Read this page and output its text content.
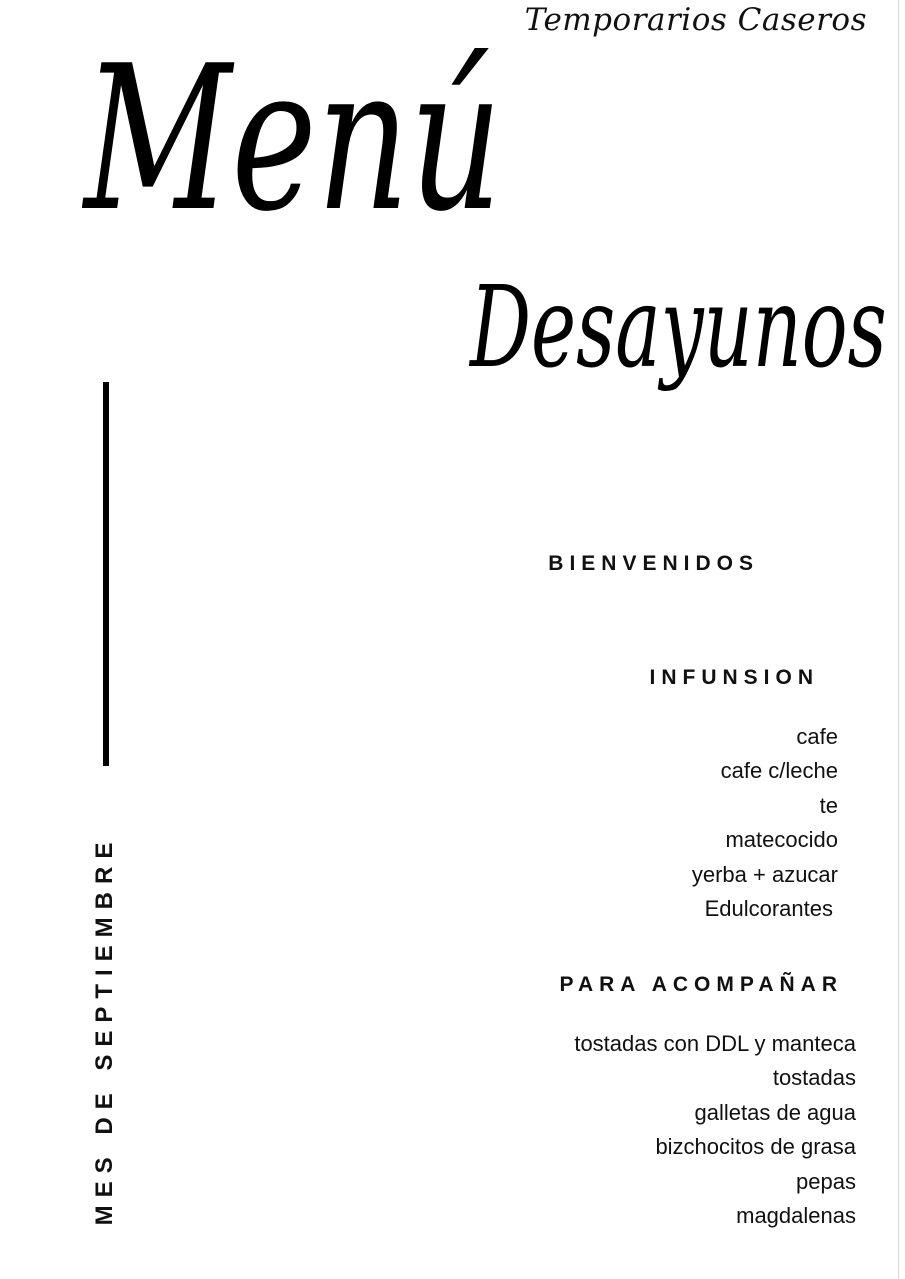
Temporarios Caseros
Menú
Desayunos
MES DE SEPTIEMBRE
BIENVENIDOS
INFUNSION
cafe
cafe c/leche
te
matecocido
yerba + azucar
Edulcorantes
PARA ACOMPAÑAR
tostadas con DDL y manteca
tostadas
galletas de agua
bizchocitos de grasa
pepas
magdalenas
